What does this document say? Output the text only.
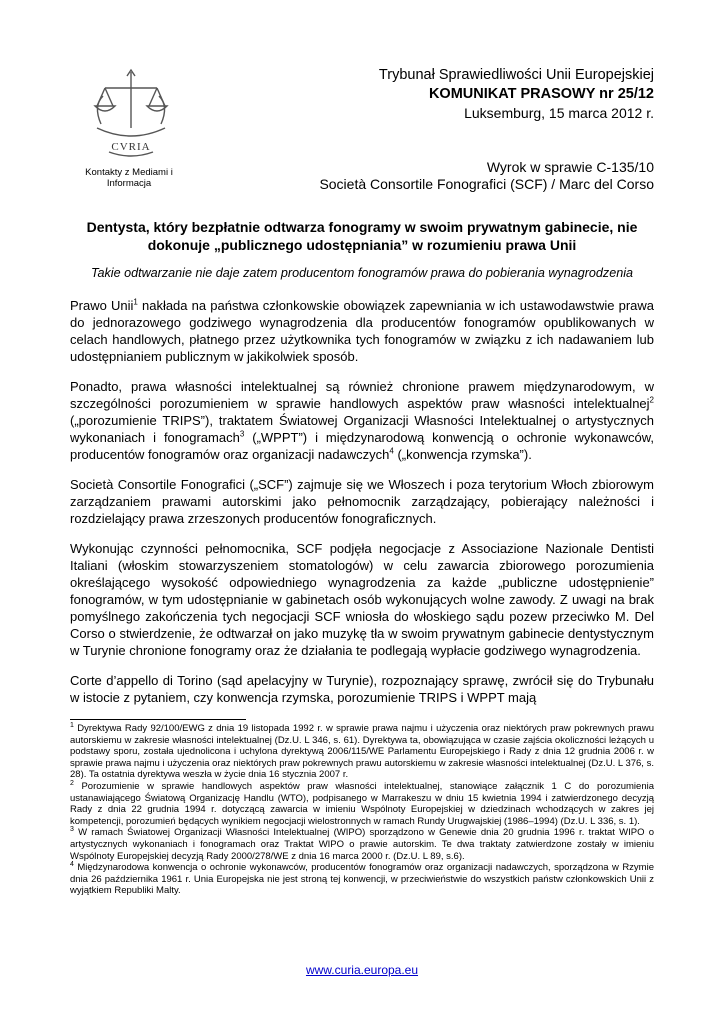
CVRIA
Kontakty z Mediami i Informacja
Trybunał Sprawiedliwości Unii Europejskiej
KOMUNIKAT PRASOWY nr 25/12
Luksemburg, 15 marca 2012 r.
Wyrok w sprawie C-135/10
Società Consortile Fonografici (SCF) / Marc del Corso
Dentysta, który bezpłatnie odtwarza fonogramy w swoim prywatnym gabinecie, nie dokonuje „publicznego udostępniania” w rozumieniu prawa Unii
Takie odtwarzanie nie daje zatem producentom fonogramów prawa do pobierania wynagrodzenia

Prawo Unii$^1$ nakłada na państwa członkowskie obowiązek zapewniania w ich ustawodawstwie prawa do jednorazowego godziwego wynagrodzenia dla producentów fonogramów opublikowanych w celach handlowych, płatnego przez użytkownika tych fonogramów w związku z ich nadawaniem lub udostępnianiem publicznym w jakikolwiek sposób.

Ponadto, prawa własności intelektualnej są również chronione prawem międzynarodowym, w szczególności porozumieniem w sprawie handlowych aspektów praw własności intelektualnej$^2$ („porozumienie TRIPS”), traktatem Światowej Organizacji Własności Intelektualnej o artystycznych wykonaniach i fonogramach$^3$ („WPPT”) i międzynarodową konwencją o ochronie wykonawców, producentów fonogramów oraz organizacji nadawczych$^4$ („konwencja rzymska”).

Società Consortile Fonografici („SCF”) zajmuje się we Włoszech i poza terytorium Włoch zbiorowym zarządzaniem prawami autorskimi jako pełnomocnik zarządzający, pobierający należności i rozdzielający prawa zrzeszonych producentów fonograficznych.

Wykonując czynności pełnomocnika, SCF podjęła negocjacje z Associazione Nazionale Dentisti Italiani (włoskim stowarzyszeniem stomatologów) w celu zawarcia zbiorowego porozumienia określającego wysokość odpowiedniego wynagrodzenia za każde „publiczne udostępnienie” fonogramów, w tym udostępnianie w gabinetach osób wykonujących wolne zawody. Z uwagi na brak pomyślnego zakończenia tych negocjacji SCF wniosła do włoskiego sądu pozew przeciwko M. Del Corso o stwierdzenie, że odtwarzał on jako muzykę tła w swoim prywatnym gabinecie dentystycznym w Turynie chronione fonogramy oraz że działania te podlegają wypłacie godziwego wynagrodzenia.

Corte d’appello di Torino (sąd apelacyjny w Turynie), rozpoznający sprawę, zwrócił się do Trybunału w istocie z pytaniem, czy konwencja rzymska, porozumienie TRIPS i WPPT mają

$^1$ Dyrektywa Rady 92/100/EWG z dnia 19 listopada 1992 r. w sprawie prawa najmu i użyczenia oraz niektórych praw pokrewnych prawu autorskiemu w zakresie własności intelektualnej (Dz.U. L 346, s. 61). Dyrektywa ta, obowiązująca w czasie zajścia okoliczności leżących u podstawy sporu, została ujednolicona i uchylona dyrektywą 2006/115/WE Parlamentu Europejskiego i Rady z dnia 12 grudnia 2006 r. w sprawie prawa najmu i użyczenia oraz niektórych praw pokrewnych prawu autorskiemu w zakresie własności intelektualnej (Dz.U. L 376, s. 28). Ta ostatnia dyrektywa weszła w życie dnia 16 stycznia 2007 r.

$^2$ Porozumienie w sprawie handlowych aspektów praw własności intelektualnej, stanowiące załącznik 1 C do porozumienia ustanawiającego Światową Organizację Handlu (WTO), podpisanego w Marrakeszu w dniu 15 kwietnia 1994 i zatwierdzonego decyzją Rady z dnia 22 grudnia 1994 r. dotyczącą zawarcia w imieniu Wspólnoty Europejskiej w dziedzinach wchodzących w zakres jej kompetencji, porozumień będących wynikiem negocjacji wielostronnych w ramach Rundy Urugwajskiej (1986–1994) (Dz.U. L 336, s. 1).

$^3$ W ramach Światowej Organizacji Własności Intelektualnej (WIPO) sporządzono w Genewie dnia 20 grudnia 1996 r. traktat WIPO o artystycznych wykonaniach i fonogramach oraz Traktat WIPO o prawie autorskim. Te dwa traktaty zatwierdzone zostały w imieniu Wspólnoty Europejskiej decyzją Rady 2000/278/WE z dnia 16 marca 2000 r. (Dz.U. L 89, s.6).

$^4$ Międzynarodowa konwencja o ochronie wykonawców, producentów fonogramów oraz organizacji nadawczych, sporządzona w Rzymie dnia 26 października 1961 r. Unia Europejska nie jest stroną tej konwencji, w przeciwieństwie do wszystkich państw członkowskich Unii z wyjątkiem Republiki Malty.

www.curia.europa.eu
